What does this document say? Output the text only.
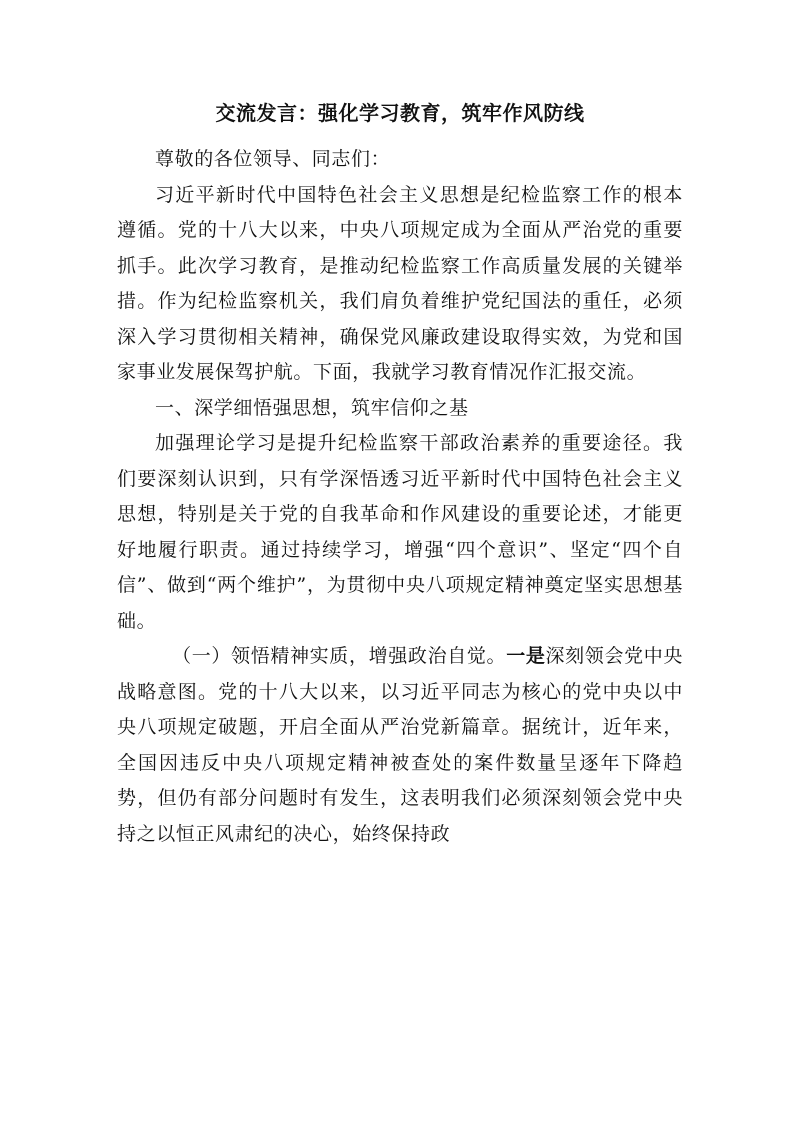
交流发言：强化学习教育，筑牢作风防线

尊敬的各位领导、同志们：

习近平新时代中国特色社会主义思想是纪检监察工作的根本遵循。党的十八大以来，中央八项规定成为全面从严治党的重要抓手。此次学习教育，是推动纪检监察工作高质量发展的关键举措。作为纪检监察机关，我们肩负着维护党纪国法的重任，必须深入学习贯彻相关精神，确保党风廉政建设取得实效，为党和国家事业发展保驾护航。下面，我就学习教育情况作汇报交流。

一、深学细悟强思想，筑牢信仰之基

加强理论学习是提升纪检监察干部政治素养的重要途径。我们要深刻认识到，只有学深悟透习近平新时代中国特色社会主义思想，特别是关于党的自我革命和作风建设的重要论述，才能更好地履行职责。通过持续学习，增强“四个意识”、坚定“四个自信”、做到“两个维护”，为贯彻中央八项规定精神奠定坚实思想基础。

（一）领悟精神实质，增强政治自觉。一是深刻领会党中央战略意图。党的十八大以来，以习近平同志为核心的党中央以中央八项规定破题，开启全面从严治党新篇章。据统计，近年来，全国因违反中央八项规定精神被查处的案件数量呈逐年下降趋势，但仍有部分问题时有发生，这表明我们必须深刻领会党中央持之以恒正风肃纪的决心，始终保持政
